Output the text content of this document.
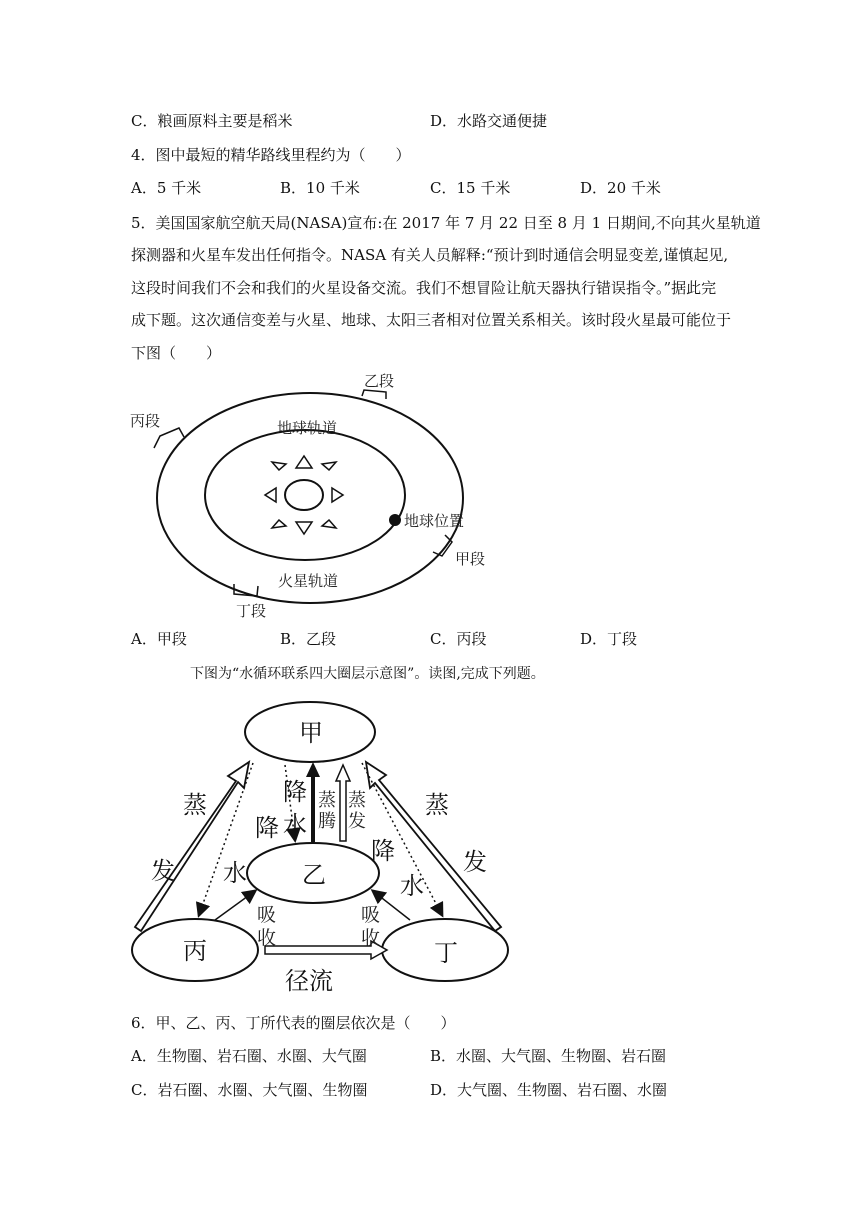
C．粮画原料主要是稻米	D．水路交通便捷
4．图中最短的精华路线里程约为（　　）
A．5 千米	B．10 千米	C．15 千米	D．20 千米
5．美国国家航空航天局(NASA)宣布:在 2017 年 7 月 22 日至 8 月 1 日期间,不向其火星轨道
探测器和火星车发出任何指令。NASA 有关人员解释:“预计到时通信会明显变差,谨慎起见,
这段时间我们不会和我们的火星设备交流。我们不想冒险让航天器执行错误指令。”据此完
成下题。这次通信变差与火星、地球、太阳三者相对位置关系相关。该时段火星最可能位于
下图（　　）
乙段
丙段	地球轨道
地球位置
甲段
火星轨道
丁段
A．甲段	B．乙段	C．丙段	D．丁段
下图为“水循环联系四大圈层示意图”。读图,完成下列题。
甲
乙
丙	丁
蒸
发
蒸
发
降
水
降
水
降
水
蒸
腾
蒸
发
吸
收
吸
收
径流
6．甲、乙、丙、丁所代表的圈层依次是（　　）
A．生物圈、岩石圈、水圈、大气圈	B．水圈、大气圈、生物圈、岩石圈
C．岩石圈、水圈、大气圈、生物圈	D．大气圈、生物圈、岩石圈、水圈
